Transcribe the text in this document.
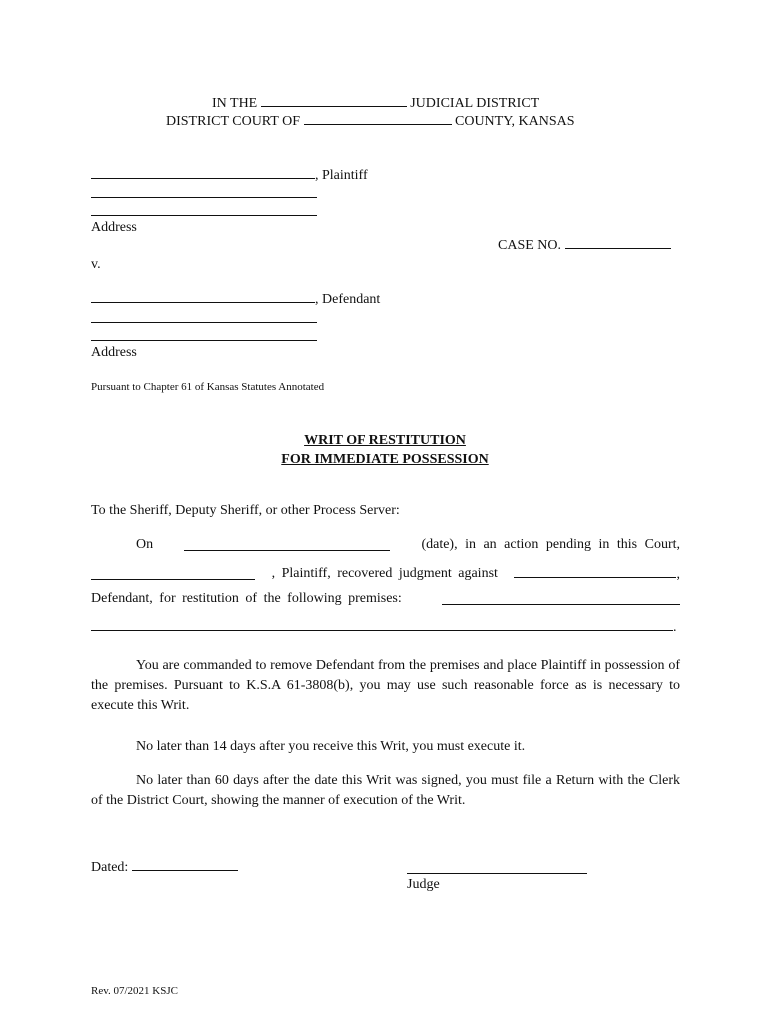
IN THE	JUDICIAL DISTRICT
DISTRICT COURT OF	COUNTY, KANSAS
, Plaintiff
Address
CASE NO.
v.
, Defendant
Address
Pursuant to Chapter 61 of Kansas Statutes Annotated
WRIT OF RESTITUTION
FOR IMMEDIATE POSSESSION
To the Sheriff, Deputy Sheriff, or other Process Server:
On	(date), in an action pending in this Court,
, Plaintiff, recovered judgment against	,
Defendant, for restitution of the following premises:
.
You are commanded to remove Defendant from the premises and place Plaintiff in possession of the premises. Pursuant to K.S.A 61-3808(b), you may use such reasonable force as is necessary to execute this Writ.
No later than 14 days after you receive this Writ, you must execute it.
No later than 60 days after the date this Writ was signed, you must file a Return with the Clerk of the District Court, showing the manner of execution of the Writ.
Dated:
Judge
Rev. 07/2021 KSJC
